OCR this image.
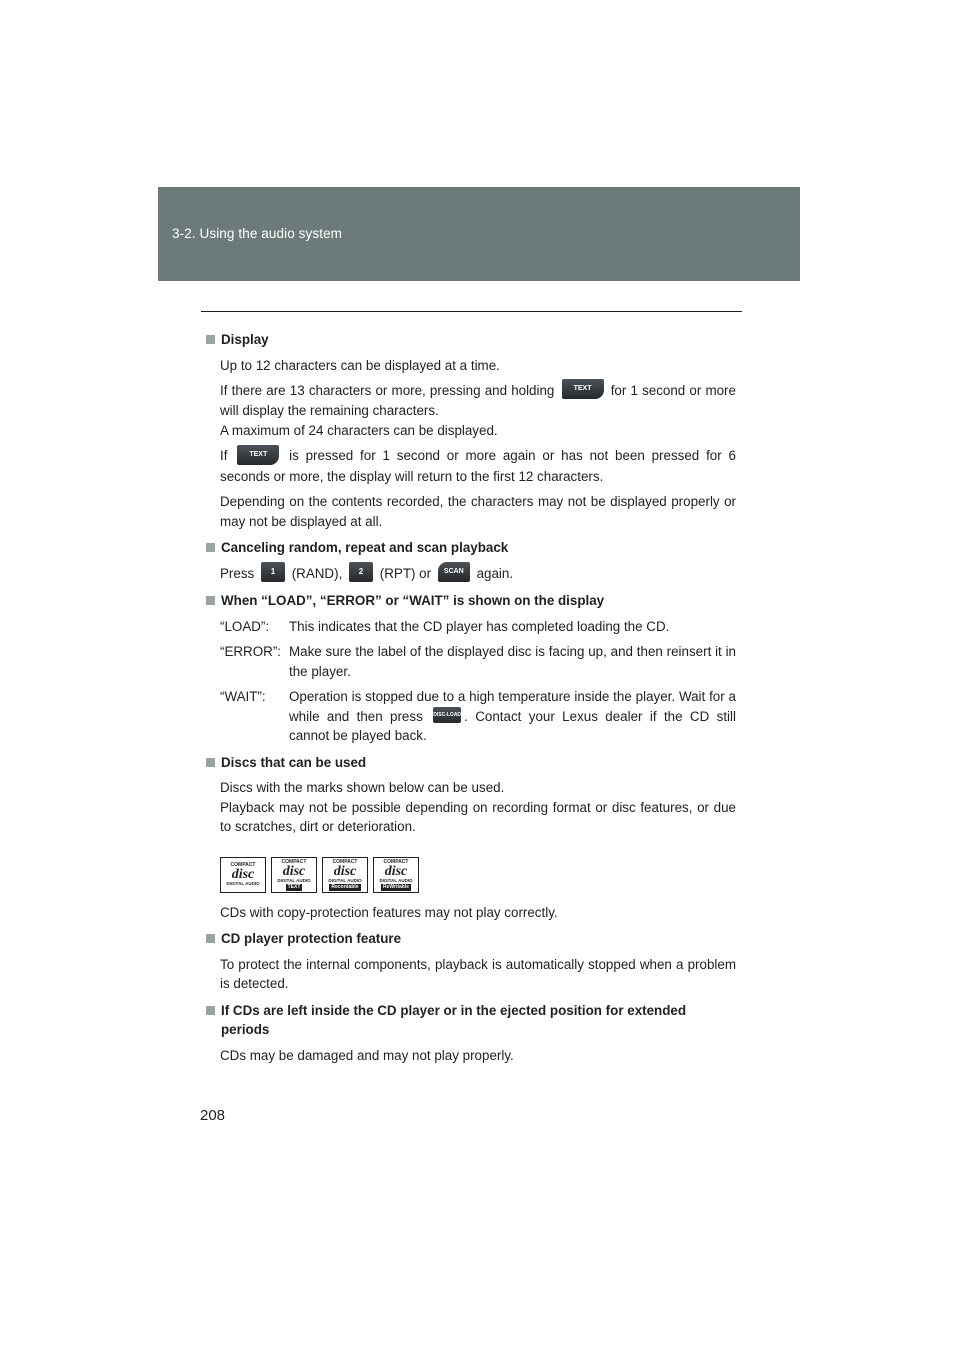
3-2. Using the audio system
Display
Up to 12 characters can be displayed at a time.
If there are 13 characters or more, pressing and holding	TEXT for 1 second or more will display the remaining characters.
A maximum of 24 characters can be displayed.
If	TEXT is pressed for 1 second or more again or has not been pressed for 6 seconds or more, the display will return to the first 12 characters.
Depending on the contents recorded, the characters may not be displayed properly or may not be displayed at all.
Canceling random, repeat and scan playback
Press 1 (RAND), 2 (RPT) or SCAN again.
When “LOAD”, “ERROR” or “WAIT” is shown on the display
“LOAD”:	This indicates that the CD player has completed loading the CD.
“ERROR”: Make sure the label of the displayed disc is facing up, and then reinsert it in the player.
“WAIT”:	Operation is stopped due to a high temperature inside the player. Wait for a while and then press DISC-LOAD . Contact your Lexus dealer if the CD still cannot be played back.
Discs that can be used
Discs with the marks shown below can be used.
Playback may not be possible depending on recording format or disc features, or due to scratches, dirt or deterioration.
COMPACT
disc
DIGITAL AUDIO
COMPACT
disc
DIGITAL AUDIO
TEXT
COMPACT
disc
DIGITAL AUDIO
Recordable
COMPACT
disc
DIGITAL AUDIO
ReWritable
CDs with copy-protection features may not play correctly.
CD player protection feature
To protect the internal components, playback is automatically stopped when a problem is detected.
If CDs are left inside the CD player or in the ejected position for extended periods
CDs may be damaged and may not play properly.
208
